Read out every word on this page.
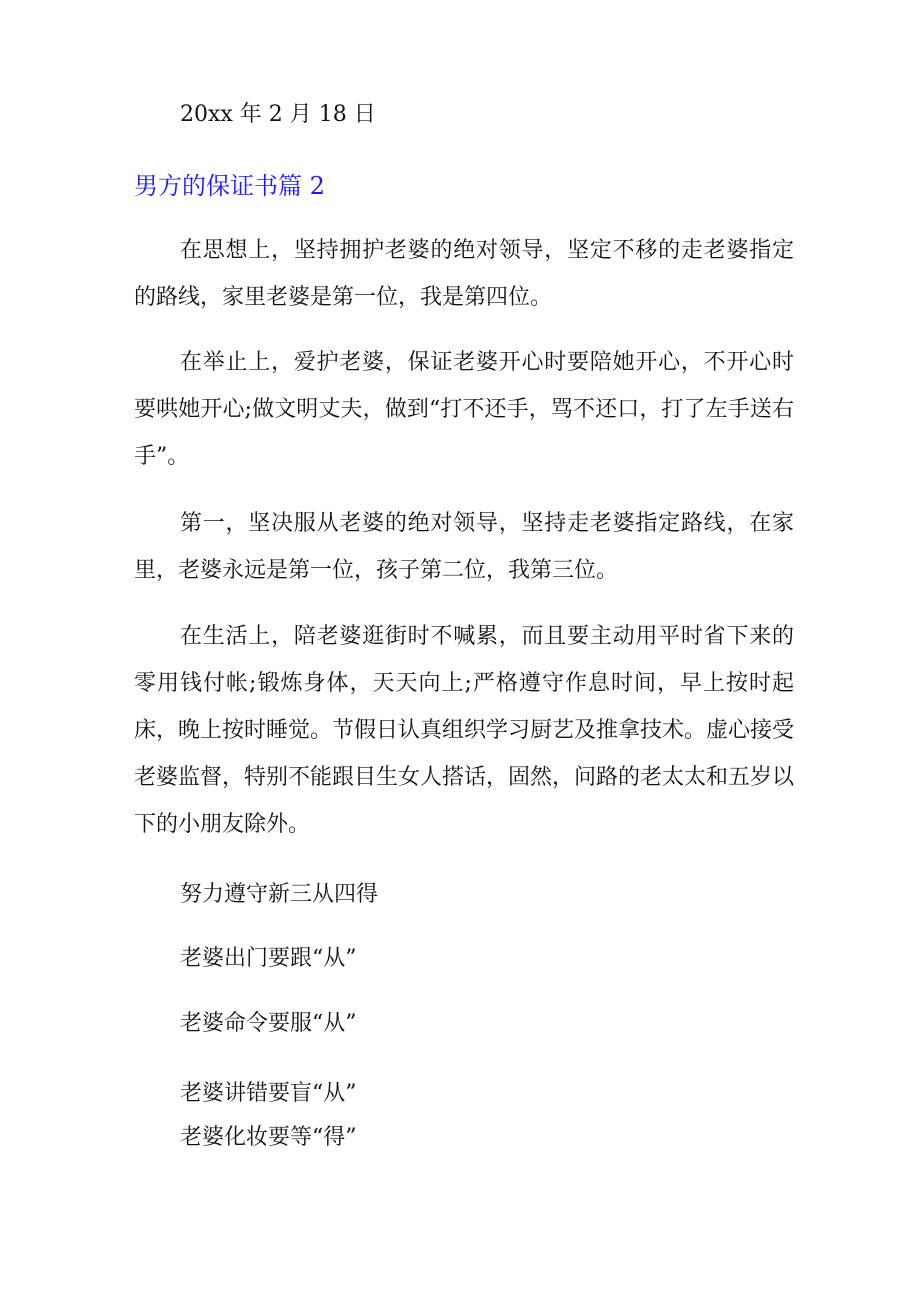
20xx 年 2 月 18 日
男方的保证书篇 2

在思想上，坚持拥护老婆的绝对领导，坚定不移的走老婆指定的路线，家里老婆是第一位，我是第四位。

在举止上，爱护老婆，保证老婆开心时要陪她开心，不开心时要哄她开心;做文明丈夫，做到“打不还手，骂不还口，打了左手送右手”。

第一，坚决服从老婆的绝对领导，坚持走老婆指定路线，在家里，老婆永远是第一位，孩子第二位，我第三位。

在生活上，陪老婆逛街时不喊累，而且要主动用平时省下来的零用钱付帐;锻炼身体，天天向上;严格遵守作息时间，早上按时起床，晚上按时睡觉。节假日认真组织学习厨艺及推拿技术。虚心接受老婆监督，特别不能跟目生女人搭话，固然，问路的老太太和五岁以下的小朋友除外。

努力遵守新三从四得

老婆出门要跟“从”

老婆命令要服“从”

老婆讲错要盲“从”

老婆化妆要等“得”
